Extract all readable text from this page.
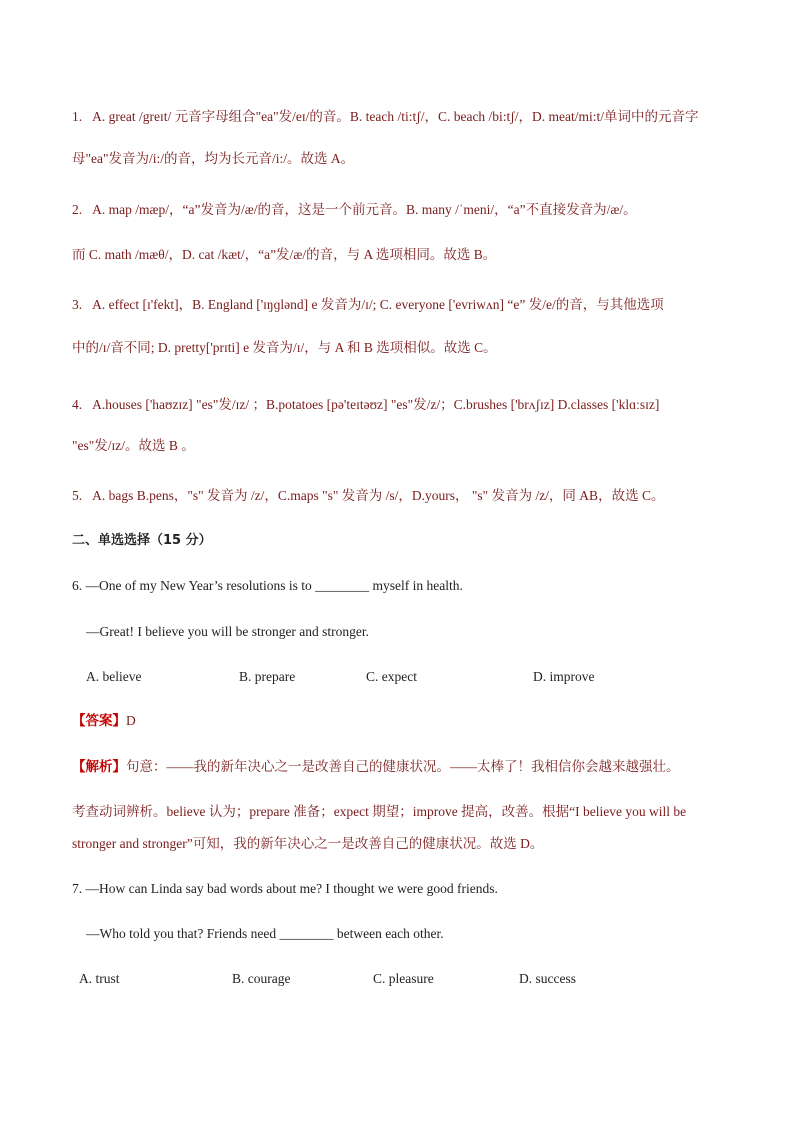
1. A. great /greɪt/ 元音字母组合"ea"发/eɪ/的音。B. teach /ti:tʃ/，C. beach /bi:tʃ/，D. meat/mi:t/单词中的元音字
母"ea"发音为/i:/的音，均为长元音/i:/。故选 A。
2. A. map /mæp/，“a”发音为/æ/的音，这是一个前元音。B. many /ˈmeni/，“a”不直接发音为/æ/。
而 C. math /mæθ/，D. cat /kæt/，“a”发/æ/的音，与 A 选项相同。故选 B。
3. A. effect [ɪ'fekt]，B. England ['ɪŋɡlənd] e 发音为/ɪ/; C. everyone ['evriwʌn] “e” 发/e/的音，与其他选项
中的/ɪ/音不同; D. pretty['prɪti] e 发音为/ɪ/，与 A 和 B 选项相似。故选 C。
4. A.houses ['haʊzɪz] "es"发/ɪz/ ；B.potatoes [pə'teɪtəʊz] "es"发/z/；C.brushes ['brʌʃɪz] D.classes ['klɑːsɪz]
"es"发/ɪz/。故选 B 。
5. A. bags B.pens，"s" 发音为 /z/，C.maps "s" 发音为 /s/，D.yours， "s" 发音为 /z/，同 AB，故选 C。
二、单选选择（15 分）
6. —One of my New Year’s resolutions is to ________ myself in health.
—Great! I believe you will be stronger and stronger.
A. believe	B. prepare	C. expect	D. improve
【答案】D
【解析】句意：——我的新年决心之一是改善自己的健康状况。——太棒了！我相信你会越来越强壮。
考查动词辨析。believe 认为；prepare 准备；expect 期望；improve 提高，改善。根据“I believe you will be
stronger and stronger”可知，我的新年决心之一是改善自己的健康状况。故选 D。
7. —How can Linda say bad words about me? I thought we were good friends.
—Who told you that? Friends need ________ between each other.
A. trust	B. courage	C. pleasure	D. success
